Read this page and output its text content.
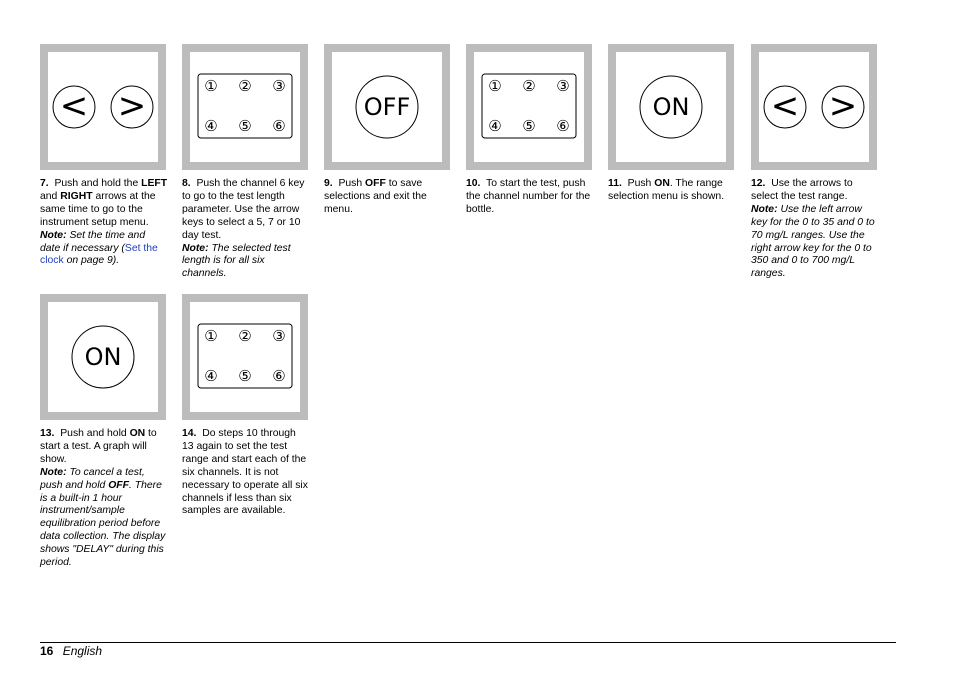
< >
7. Push and hold the LEFT and RIGHT arrows at the same time to go to the instrument setup menu.
Note: Set the time and date if necessary (Set the clock on page 9).
① ② ③
④ ⑤ ⑥
8. Push the channel 6 key to go to the test length parameter. Use the arrow keys to select a 5, 7 or 10 day test.
Note: The selected test length is for all six channels.
OFF
9. Push OFF to save selections and exit the menu.
① ② ③
④ ⑤ ⑥
10. To start the test, push the channel number for the bottle.
ON
11. Push ON. The range selection menu is shown.
< >
12. Use the arrows to select the test range.
Note: Use the left arrow key for the 0 to 35 and 0 to 70 mg/L ranges. Use the right arrow key for the 0 to 350 and 0 to 700 mg/L ranges.
ON
13. Push and hold ON to start a test. A graph will show.
Note: To cancel a test, push and hold OFF. There is a built-in 1 hour instrument/sample equilibration period before data collection. The display shows "DELAY" during this period.
① ② ③
④ ⑤ ⑥
14. Do steps 10 through 13 again to set the test range and start each of the six channels. It is not necessary to operate all six channels if less than six samples are available.
16 English
